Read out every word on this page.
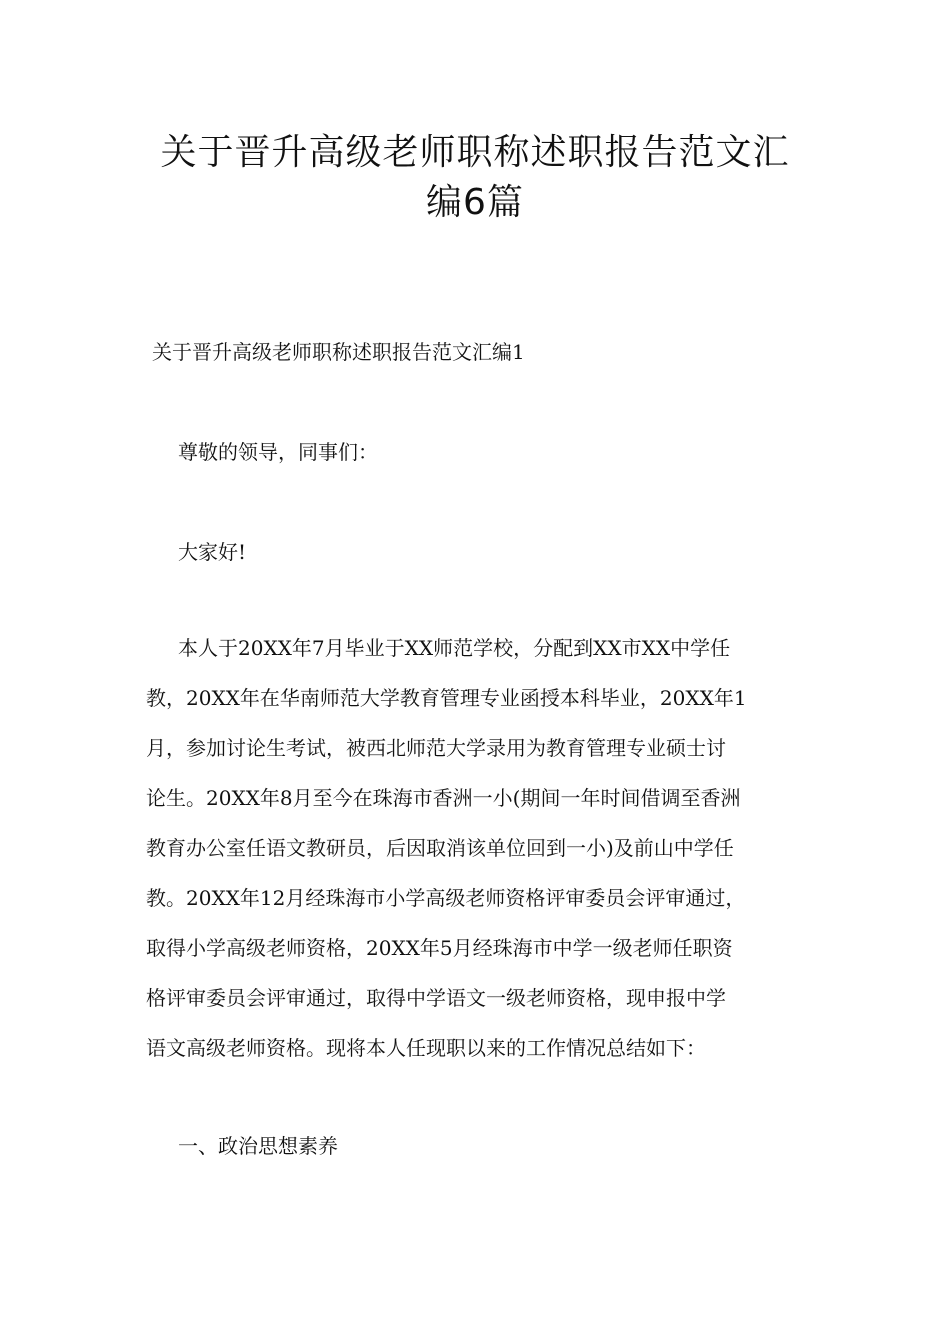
关于晋升高级老师职称述职报告范文汇
编6篇

关于晋升高级老师职称述职报告范文汇编1

尊敬的领导，同事们：

大家好!

本人于20XX年7月毕业于XX师范学校，分配到XX市XX中学任
教，20XX年在华南师范大学教育管理专业函授本科毕业，20XX年1
月，参加讨论生考试，被西北师范大学录用为教育管理专业硕士讨
论生。20XX年8月至今在珠海市香洲一小(期间一年时间借调至香洲
教育办公室任语文教研员，后因取消该单位回到一小)及前山中学任
教。20XX年12月经珠海市小学高级老师资格评审委员会评审通过，
取得小学高级老师资格，20XX年5月经珠海市中学一级老师任职资
格评审委员会评审通过，取得中学语文一级老师资格，现申报中学
语文高级老师资格。现将本人任现职以来的工作情况总结如下：

一、政治思想素养
